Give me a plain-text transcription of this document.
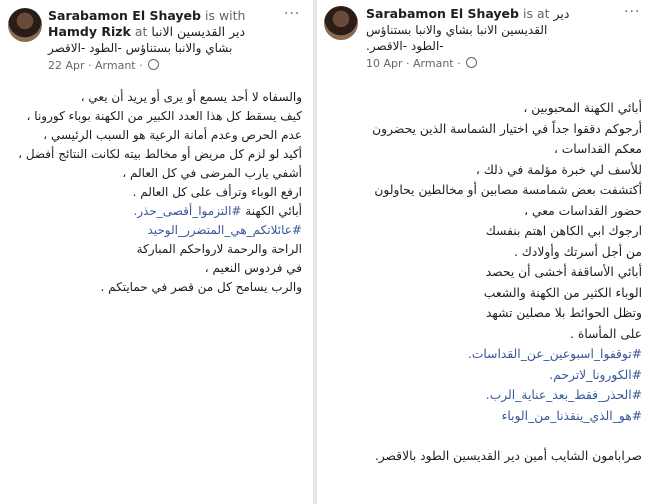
Sarabamon El Shayeb is with
Hamdy Rizk at دير القديسين الانبا
بشاي والانبا بستناؤس -الطود -الاقصر
22 Apr · Armant ·
···
والسفاه لا أحد يسمع أو يرى أو يريد أن يعي ،
كيف يسقط كل هذا العدد الكبير من الكهنة بوباء كورونا ،
عدم الحرص وعدم أمانة الرعية هو السبب الرئيسي ،
أكيد لو لزم كل مريض أو مخالط بيته لكانت النتائج أفضل ،
أشفي يارب المرضى في كل العالم ،
ارفع الوباء وترأف على كل العالم .
أبائي الكهنة #التزموا_أقصى_حذر.
#عائلاتكم_هي_المتضرر_الوحيد
الراحة والرحمة لارواحكم المباركة
في فردوس النعيم ،
والرب يسامح كل من قصر في حمايتكم .
Sarabamon El Shayeb is at دير
القديسين الانبا بشاي والانبا بستناؤس
-الطود -الاقصر.
10 Apr · Armant ·
···
أبائي الكهنة المحبوبين ،
أرجوكم دققوا جداً في اختيار الشماسة الذين يحضرون
معكم القداسات ،
للأسف لي خبرة مؤلمة في ذلك ،
أكتشفت بعض شمامسة مصابين أو مخالطين يحاولون
حضور القداسات معي ،
ارجوك ابي الكاهن اهتم بنفسك
من أجل أسرتك وأولادك .
أبائي الأساقفة أخشى أن يحصد
الوباء الكثير من الكهنة والشعب
وتظل الحوائط بلا مصلين تشهد
على المأساة .
#توقفوا_اسبوعين_عن_القداسات.
#الكورونا_لاترحم.
#الحذر_فقط_بعد_عناية_الرب.
#هو_الذي_ينقذنا_من_الوباء
صرابامون الشايب أمين دير القديسين الطود بالاقصر.
